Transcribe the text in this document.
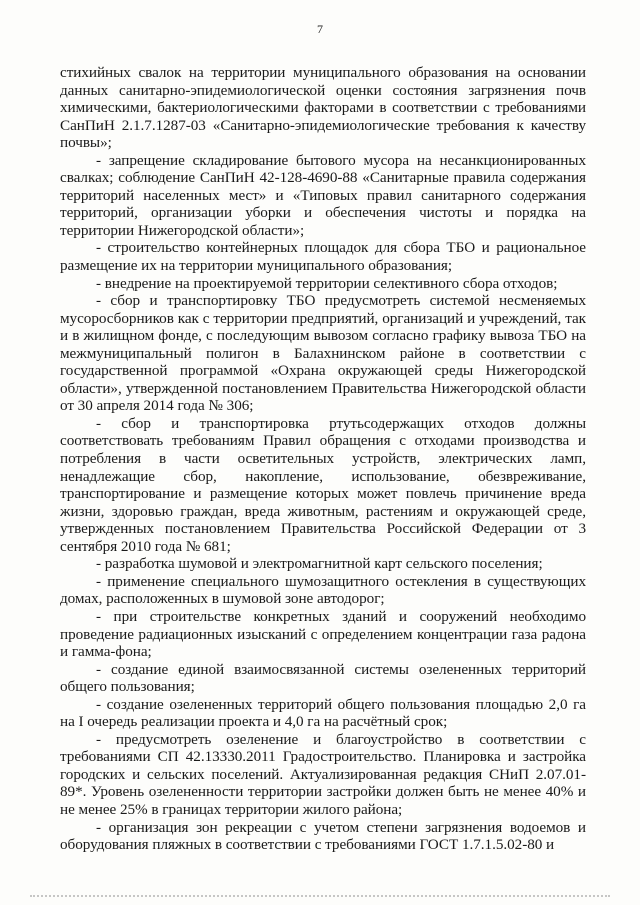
7

стихийных свалок на территории муниципального образования на основании данных санитарно-эпидемиологической оценки состояния загрязнения почв химическими, бактериологическими факторами в соответствии с требованиями СанПиН 2.1.7.1287-03 «Санитарно-эпидемиологические требования к качеству почвы»;

- запрещение складирование бытового мусора на несанкционированных свалках; соблюдение СанПиН 42-128-4690-88 «Санитарные правила содержания территорий населенных мест» и «Типовых правил санитарного содержания территорий, организации уборки и обеспечения чистоты и порядка на территории Нижегородской области»;

- строительство контейнерных площадок для сбора ТБО и рациональное размещение их на территории муниципального образования;

- внедрение на проектируемой территории селективного сбора отходов;

- сбор и транспортировку ТБО предусмотреть системой несменяемых мусоросборников как с территории предприятий, организаций и учреждений, так и в жилищном фонде, с последующим вывозом согласно графику вывоза ТБО на межмуниципальный полигон в Балахнинском районе в соответствии с государственной программой «Охрана окружающей среды Нижегородской области», утвержденной постановлением Правительства Нижегородской области от 30 апреля 2014 года № 306;

- сбор и транспортировка ртутьсодержащих отходов должны соответствовать требованиям Правил обращения с отходами производства и потребления в части осветительных устройств, электрических ламп, ненадлежащие сбор, накопление, использование, обезвреживание, транспортирование и размещение которых может повлечь причинение вреда жизни, здоровью граждан, вреда животным, растениям и окружающей среде, утвержденных постановлением Правительства Российской Федерации от 3 сентября 2010 года № 681;

- разработка шумовой и электромагнитной карт сельского поселения;

- применение специального шумозащитного остекления в существующих домах, расположенных в шумовой зоне автодорог;

- при строительстве конкретных зданий и сооружений необходимо проведение радиационных изысканий с определением концентрации газа радона и гамма-фона;

- создание единой взаимосвязанной системы озелененных территорий общего пользования;

- создание озелененных территорий общего пользования площадью 2,0 га на I очередь реализации проекта и 4,0 га на расчётный срок;

- предусмотреть озеленение и благоустройство в соответствии с требованиями СП 42.13330.2011 Градостроительство. Планировка и застройка городских и сельских поселений. Актуализированная редакция СНиП 2.07.01-89*. Уровень озелененности территории застройки должен быть не менее 40% и не менее 25% в границах территории жилого района;

- организация зон рекреации с учетом степени загрязнения водоемов и оборудования пляжных в соответствии с требованиями ГОСТ 1.7.1.5.02-80 и
